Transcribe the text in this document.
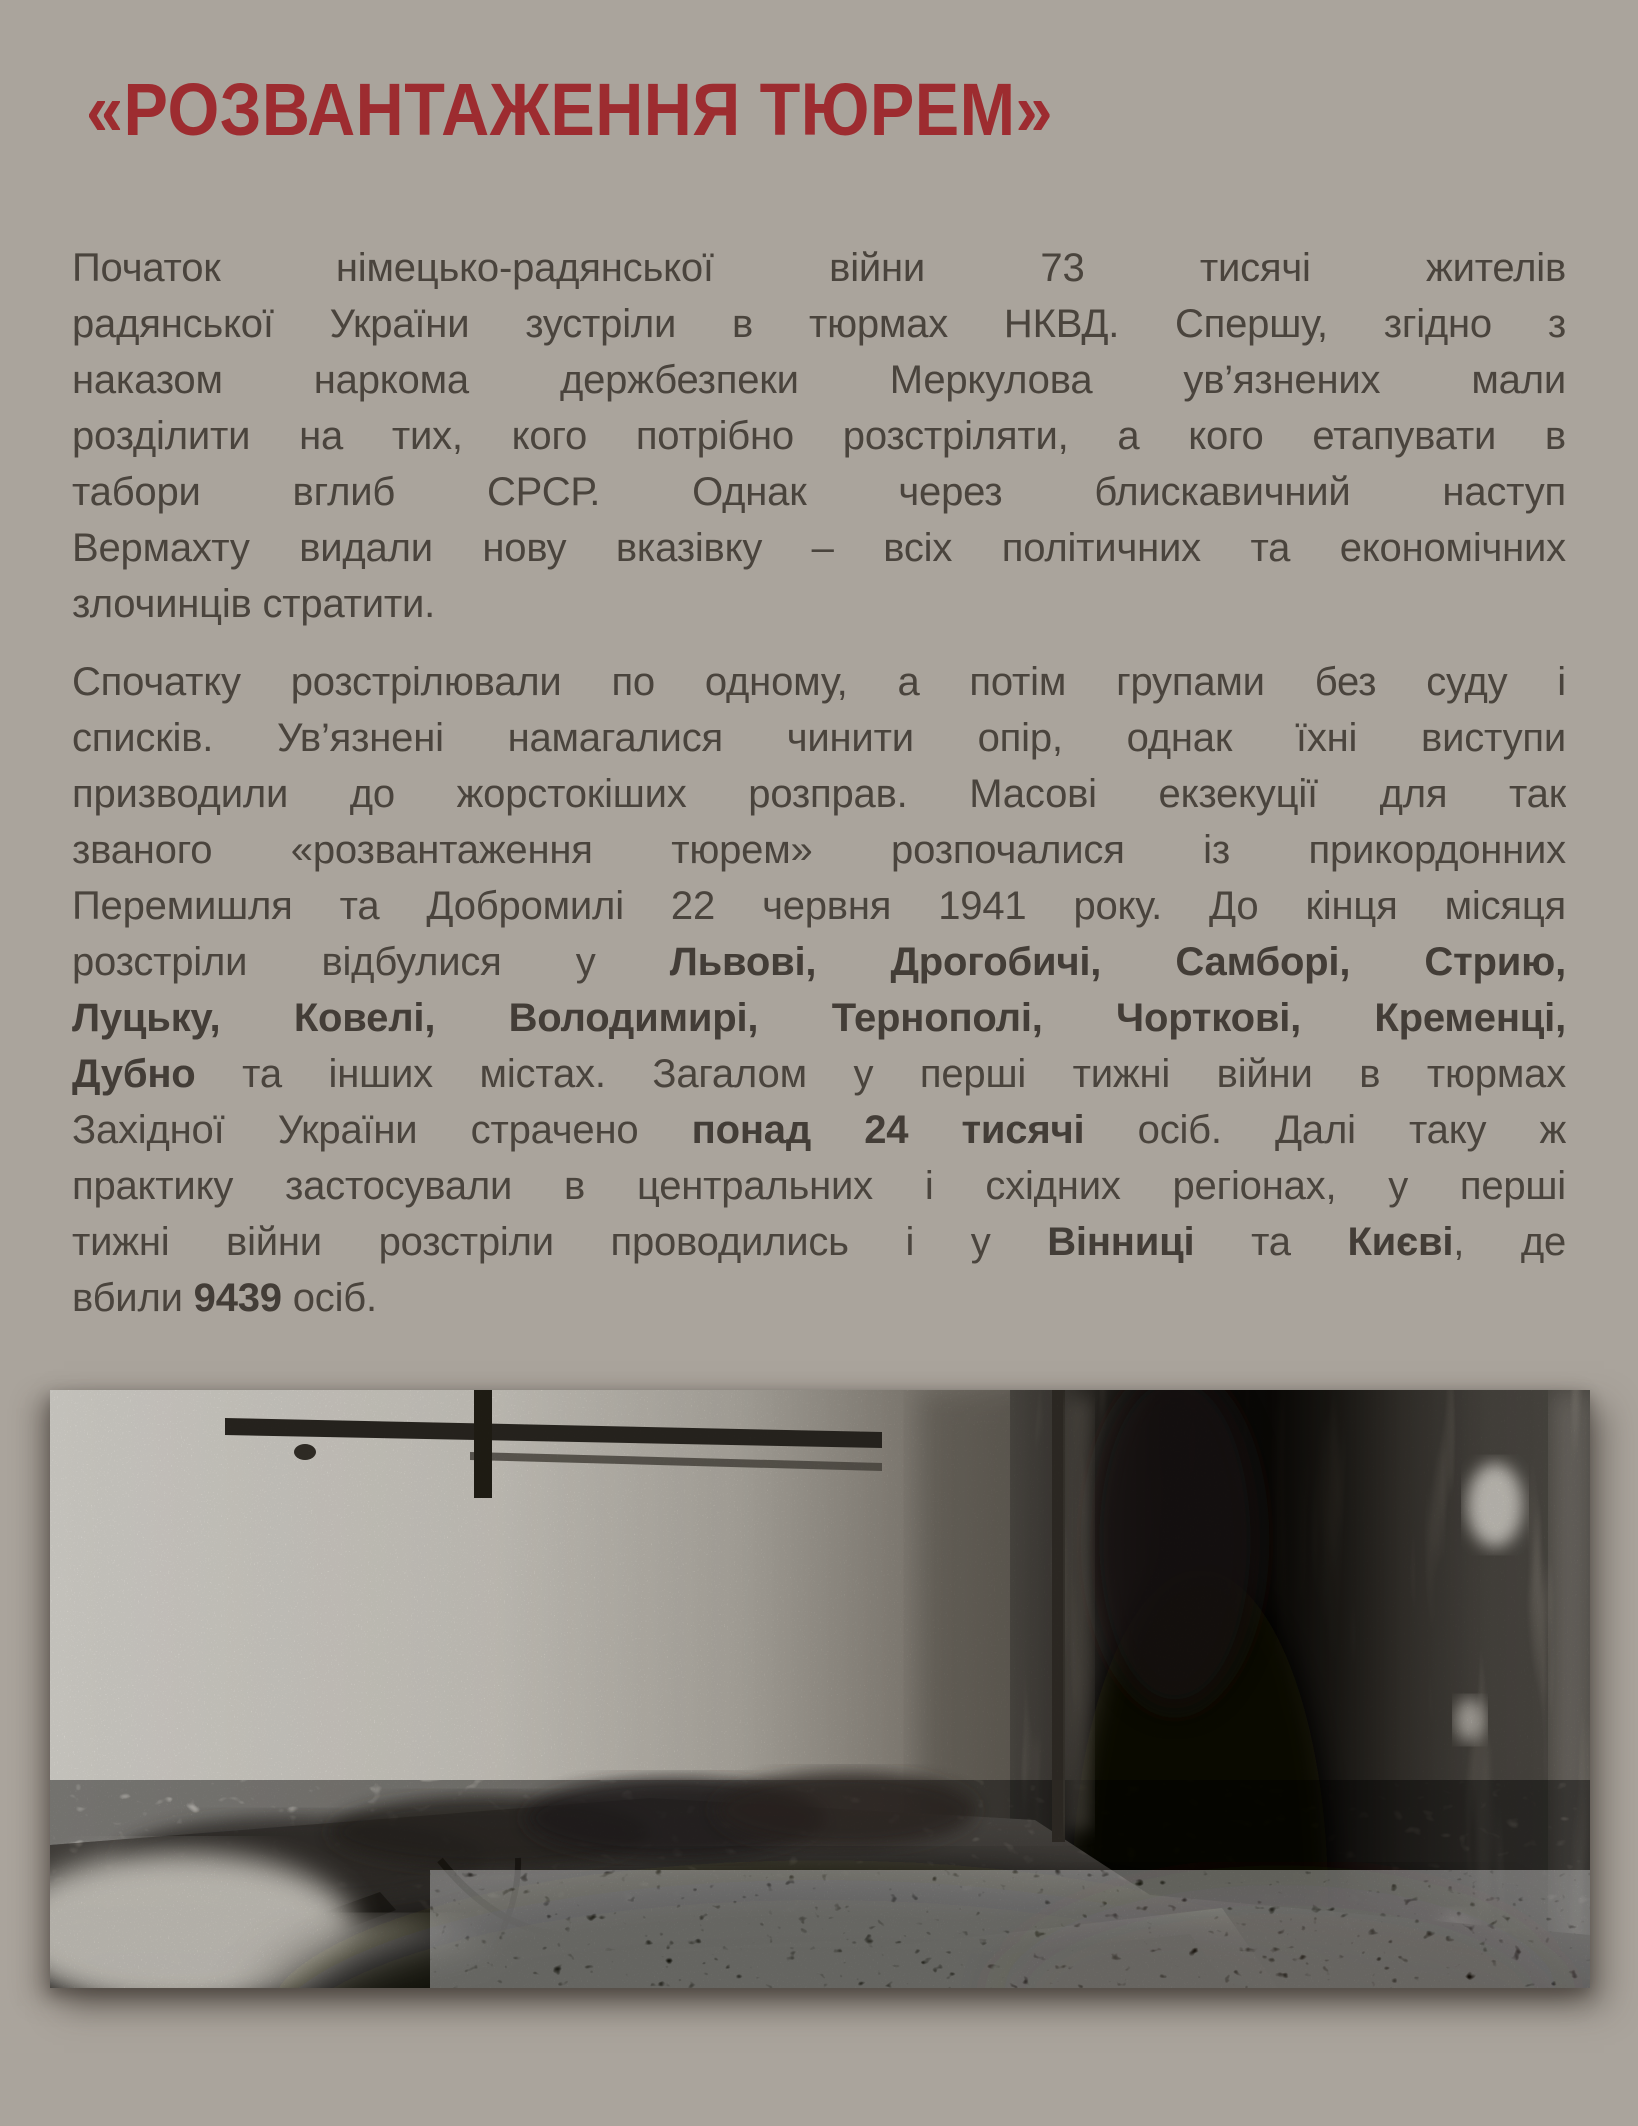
«РОЗВАНТАЖЕННЯ ТЮРЕМ»
Початок німецько-радянської війни 73 тисячі жителів
радянської України зустріли в тюрмах НКВД. Спершу, згідно з
наказом наркома держбезпеки Меркулова ув’язнених мали
розділити на тих, кого потрібно розстріляти, а кого етапувати в
табори вглиб СРСР. Однак через блискавичний наступ
Вермахту видали нову вказівку – всіх політичних та економічних
злочинців стратити.
Спочатку розстрілювали по одному, а потім групами без суду і
списків. Ув’язнені намагалися чинити опір, однак їхні виступи
призводили до жорстокіших розправ. Масові екзекуції для так
званого «розвантаження тюрем» розпочалися із прикордонних
Перемишля та Добромилі 22 червня 1941 року. До кінця місяця
розстріли відбулися у Львові, Дрогобичі, Самборі, Стрию,
Луцьку, Ковелі, Володимирі, Тернополі, Чорткові, Кременці,
Дубно та інших містах. Загалом у перші тижні війни в тюрмах
Західної України страчено понад 24 тисячі осіб. Далі таку ж
практику застосували в центральних і східних регіонах, у перші
тижні війни розстріли проводились і у Вінниці та Києві, де
вбили 9439 осіб.
